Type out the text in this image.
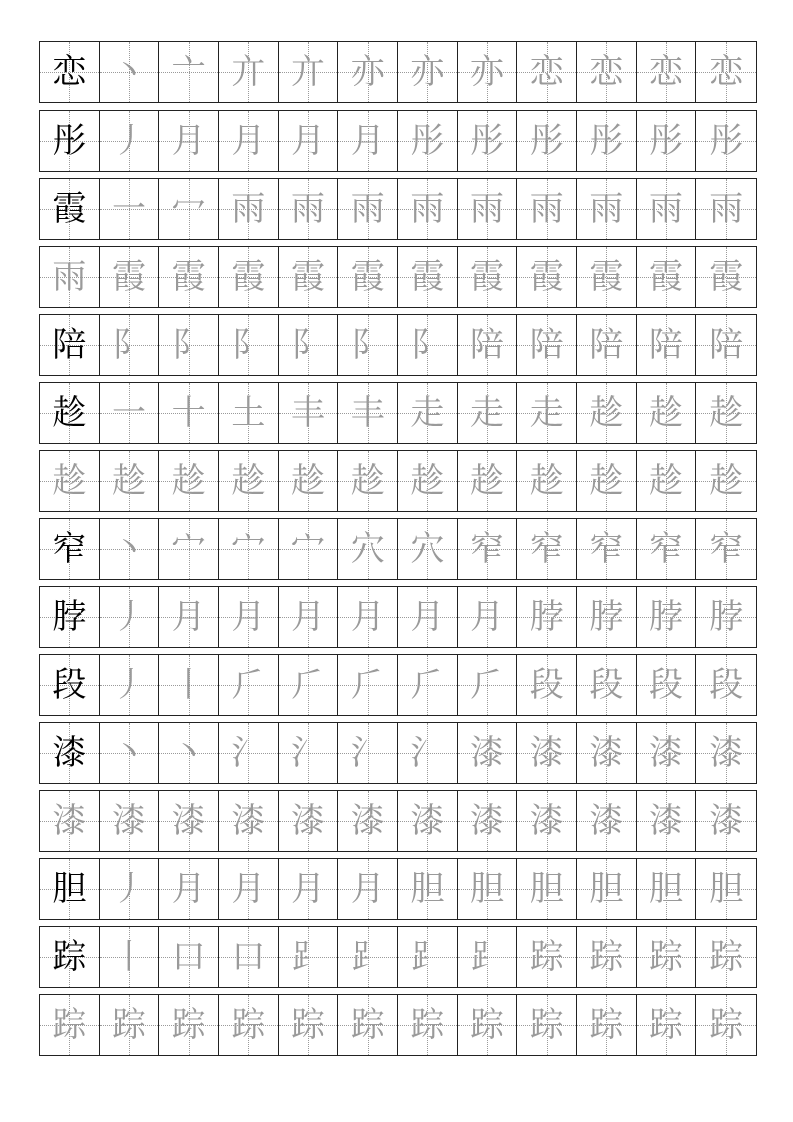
恋 丶 亠 亣 亣 亦 亦 亦 恋 恋 恋 恋
彤 丿 月 月 月 月 彤 彤 彤 彤 彤 彤
霞 一 冖 雨 雨 雨 雨 雨 雨 雨 雨 雨
雨 霞 霞 霞 霞 霞 霞 霞 霞 霞 霞 霞
陪 阝 阝 阝 阝 阝 阝 陪 陪 陪 陪 陪
趁 一 十 土 丰 丰 走 走 走 趁 趁 趁
趁 趁 趁 趁 趁 趁 趁 趁 趁 趁 趁 趁
窄 丶 宀 宀 宀 穴 穴 窄 窄 窄 窄 窄
脖 丿 月 月 月 月 月 月 脖 脖 脖 脖
段 丿 丨 ⺁ ⺁ ⺁ ⺁ ⺁ 段 段 段 段
漆 丶 丶 氵 氵 氵 氵 漆 漆 漆 漆 漆
漆 漆 漆 漆 漆 漆 漆 漆 漆 漆 漆 漆
胆 丿 月 月 月 月 胆 胆 胆 胆 胆 胆
踪 丨 口 口 ⻊ ⻊ ⻊ ⻊ 踪 踪 踪 踪
踪 踪 踪 踪 踪 踪 踪 踪 踪 踪 踪 踪
